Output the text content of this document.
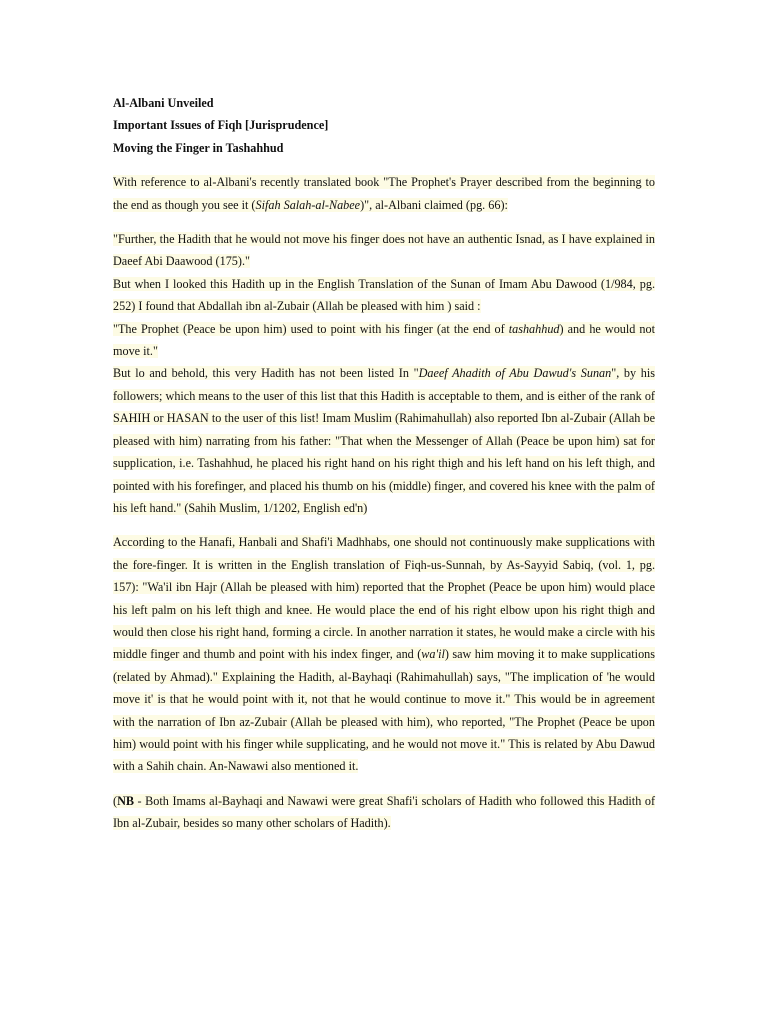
Al-Albani Unveiled
Important Issues of Fiqh [Jurisprudence]
Moving the Finger in Tashahhud

With reference to al-Albani's recently translated book "The Prophet's Prayer described from the beginning to the end as though you see it (Sifah Salah-al-Nabee)", al-Albani claimed (pg. 66):

"Further, the Hadith that he would not move his finger does not have an authentic Isnad, as I have explained in Daeef Abi Daawood (175)."

But when I looked this Hadith up in the English Translation of the Sunan of Imam Abu Dawood (1/984, pg. 252) I found that Abdallah ibn al-Zubair (Allah be pleased with him ) said :

"The Prophet (Peace be upon him) used to point with his finger (at the end of tashahhud) and he would not move it."

But lo and behold, this very Hadith has not been listed In "Daeef Ahadith of Abu Dawud's Sunan", by his followers; which means to the user of this list that this Hadith is acceptable to them, and is either of the rank of SAHIH or HASAN to the user of this list! Imam Muslim (Rahimahullah) also reported Ibn al-Zubair (Allah be pleased with him) narrating from his father: "That when the Messenger of Allah (Peace be upon him) sat for supplication, i.e. Tashahhud, he placed his right hand on his right thigh and his left hand on his left thigh, and pointed with his forefinger, and placed his thumb on his (middle) finger, and covered his knee with the palm of his left hand." (Sahih Muslim, 1/1202, English ed'n)

According to the Hanafi, Hanbali and Shafi'i Madhhabs, one should not continuously make supplications with the fore-finger. It is written in the English translation of Fiqh-us-Sunnah, by As-Sayyid Sabiq, (vol. 1, pg. 157): "Wa'il ibn Hajr (Allah be pleased with him) reported that the Prophet (Peace be upon him) would place his left palm on his left thigh and knee. He would place the end of his right elbow upon his right thigh and would then close his right hand, forming a circle. In another narration it states, he would make a circle with his middle finger and thumb and point with his index finger, and (wa'il) saw him moving it to make supplications (related by Ahmad)." Explaining the Hadith, al-Bayhaqi (Rahimahullah) says, "The implication of 'he would move it' is that he would point with it, not that he would continue to move it." This would be in agreement with the narration of Ibn az-Zubair (Allah be pleased with him), who reported, "The Prophet (Peace be upon him) would point with his finger while supplicating, and he would not move it." This is related by Abu Dawud with a Sahih chain. An-Nawawi also mentioned it.

(NB - Both Imams al-Bayhaqi and Nawawi were great Shafi'i scholars of Hadith who followed this Hadith of Ibn al-Zubair, besides so many other scholars of Hadith).
